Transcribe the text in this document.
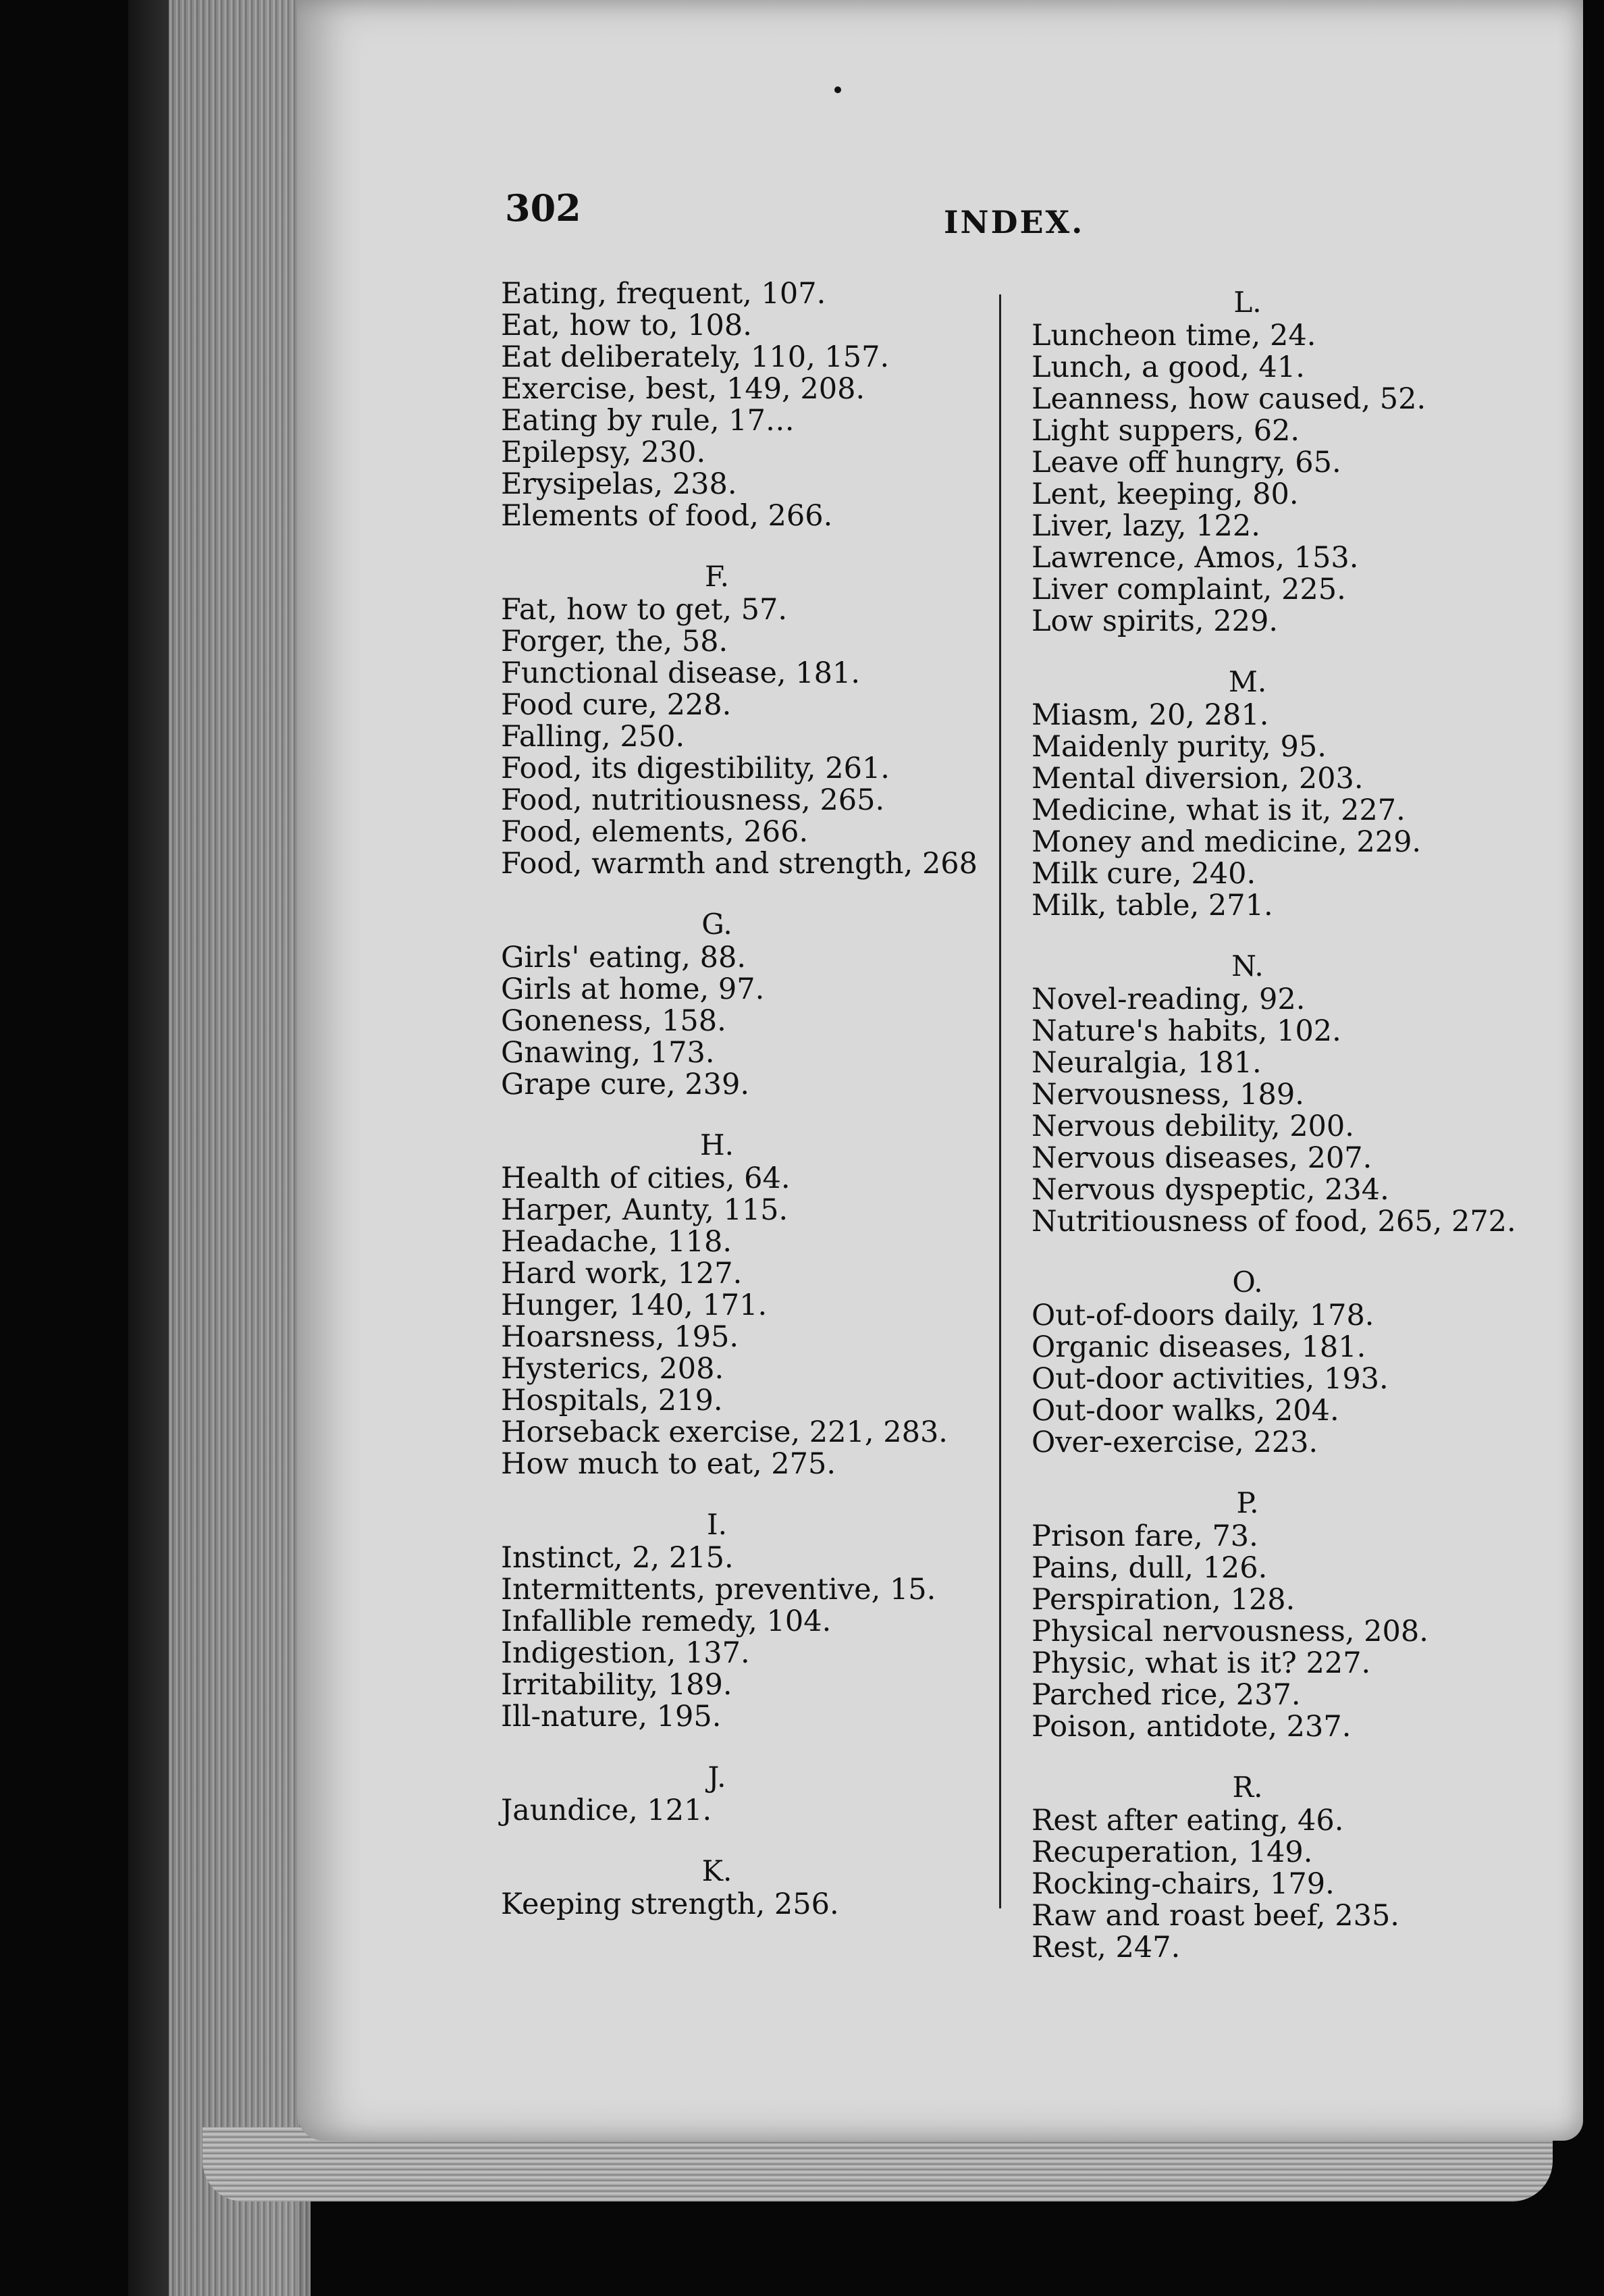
302	INDEX.
Eating, frequent, 107.
Eat, how to, 108.
Eat deliberately, 110, 157.
Exercise, best, 149, 208.
Eating by rule, 17…
Epilepsy, 230.
Erysipelas, 238.
Elements of food, 266.
F.
Fat, how to get, 57.
Forger, the, 58.
Functional disease, 181.
Food cure, 228.
Falling, 250.
Food, its digestibility, 261.
Food, nutritiousness, 265.
Food, elements, 266.
Food, warmth and strength, 268
G.
Girls' eating, 88.
Girls at home, 97.
Goneness, 158.
Gnawing, 173.
Grape cure, 239.
H.
Health of cities, 64.
Harper, Aunty, 115.
Headache, 118.
Hard work, 127.
Hunger, 140, 171.
Hoarsness, 195.
Hysterics, 208.
Hospitals, 219.
Horseback exercise, 221, 283.
How much to eat, 275.
I.
Instinct, 2, 215.
Intermittents, preventive, 15.
Infallible remedy, 104.
Indigestion, 137.
Irritability, 189.
Ill-nature, 195.
J.
Jaundice, 121.
K.
Keeping strength, 256.
L.
Luncheon time, 24.
Lunch, a good, 41.
Leanness, how caused, 52.
Light suppers, 62.
Leave off hungry, 65.
Lent, keeping, 80.
Liver, lazy, 122.
Lawrence, Amos, 153.
Liver complaint, 225.
Low spirits, 229.
M.
Miasm, 20, 281.
Maidenly purity, 95.
Mental diversion, 203.
Medicine, what is it, 227.
Money and medicine, 229.
Milk cure, 240.
Milk, table, 271.
N.
Novel-reading, 92.
Nature's habits, 102.
Neuralgia, 181.
Nervousness, 189.
Nervous debility, 200.
Nervous diseases, 207.
Nervous dyspeptic, 234.
Nutritiousness of food, 265, 272.
O.
Out-of-doors daily, 178.
Organic diseases, 181.
Out-door activities, 193.
Out-door walks, 204.
Over-exercise, 223.
P.
Prison fare, 73.
Pains, dull, 126.
Perspiration, 128.
Physical nervousness, 208.
Physic, what is it? 227.
Parched rice, 237.
Poison, antidote, 237.
R.
Rest after eating, 46.
Recuperation, 149.
Rocking-chairs, 179.
Raw and roast beef, 235.
Rest, 247.
